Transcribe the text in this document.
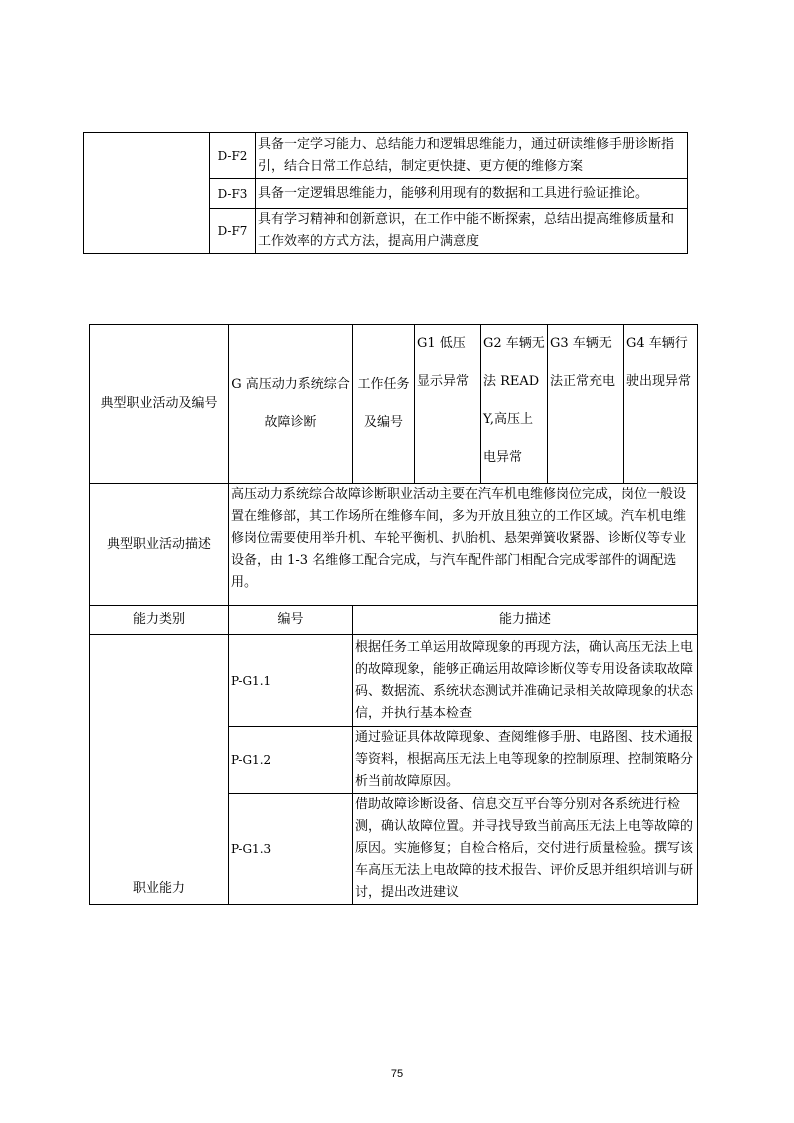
	D-F2	具备一定学习能力、总结能力和逻辑思维能力，通过研读维修手册诊断指引，结合日常工作总结，制定更快捷、更方便的维修方案
	D-F3	具备一定逻辑思维能力，能够利用现有的数据和工具进行验证推论。
	D-F7	具有学习精神和创新意识，在工作中能不断探索，总结出提高维修质量和工作效率的方式方法，提高用户满意度
典型职业活动及编号	G 高压动力系统综合故障诊断	工作任务及编号	G1 低压显示异常	G2 车辆无法 READY,高压上电异常	G3 车辆无法正常充电	G4 车辆行驶出现异常
典型职业活动描述	高压动力系统综合故障诊断职业活动主要在汽车机电维修岗位完成，岗位一般设置在维修部，其工作场所在维修车间，多为开放且独立的工作区域。汽车机电维修岗位需要使用举升机、车轮平衡机、扒胎机、悬架弹簧收紧器、诊断仪等专业设备，由 1-3 名维修工配合完成，与汽车配件部门相配合完成零部件的调配选用。					
能力类别	编号	能力描述				
职业能力	P-G1.1	根据任务工单运用故障现象的再现方法，确认高压无法上电的故障现象，能够正确运用故障诊断仪等专用设备读取故障码、数据流、系统状态测试并准确记录相关故障现象的状态信，并执行基本检查				
	P-G1.2	通过验证具体故障现象、查阅维修手册、电路图、技术通报等资料，根据高压无法上电等现象的控制原理、控制策略分析当前故障原因。				
	P-G1.3	借助故障诊断设备、信息交互平台等分别对各系统进行检测，确认故障位置。并寻找导致当前高压无法上电等故障的原因。实施修复；自检合格后，交付进行质量检验。撰写该车高压无法上电故障的技术报告、评价反思并组织培训与研讨，提出改进建议				
75
